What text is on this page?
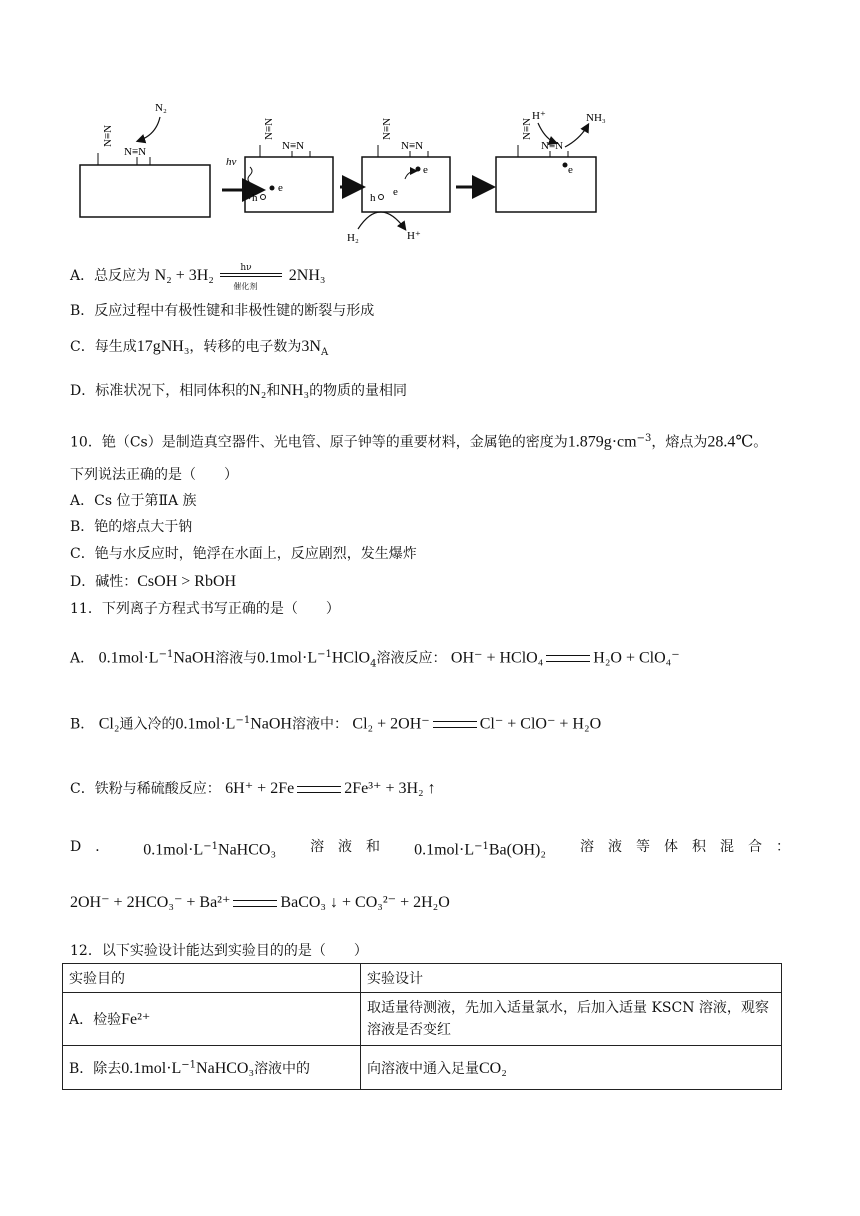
N≡N
N≡N
N₂
N≡N
N≡N
hν
e
h
N≡N
N≡N
e
h e
H₂	H⁺
N≡N
N≡N
e
H⁺	NH₃
A．总反应为 N₂ + 3H₂	hν
催化剂
2NH₃
B．反应过程中有极性键和非极性键的断裂与形成
C．每生成17gNH₃，转移的电子数为$3N_A$
D．标准状况下，相同体积的N₂和NH₃的物质的量相同
10．铯（Cs）是制造真空器件、光电管、原子钟等的重要材料，金属铯的密度为$1.879g\cdot cm^{-3}$，熔点为28.4℃。
下列说法正确的是（　　）
A．Cs 位于第ⅡA 族
B．铯的熔点大于钠
C．铯与水反应时，铯浮在水面上，反应剧烈，发生爆炸
D．碱性：CsOH > RbOH
11．下列离子方程式书写正确的是（　　）
A． $0.1mol\cdot L^{-1}NaOH$溶液与$0.1mol\cdot L^{-1}HClO_4$溶液反应： OH⁻ + HClO₄	H₂O + ClO₄⁻
B． Cl₂通入冷的$0.1mol\cdot L^{-1}NaOH$溶液中： Cl₂ + 2OH⁻	Cl⁻ + ClO⁻ + H₂O
C．铁粉与稀硫酸反应： 6H⁺ + 2Fe	2Fe³⁺ + 3H₂ ↑
D　． $0.1mol\cdot L^{-1}NaHCO_3$ 溶　液　和 $0.1mol\cdot L^{-1}Ba(OH)_2$ 溶　液　等　体　积　混　合　：
2OH⁻ + 2HCO₃⁻ + Ba²⁺	BaCO₃ ↓ + CO₃²⁻ + 2H₂O
12．以下实验设计能达到实验目的的是（　　）
实验目的	实验设计
A．检验Fe²⁺	取适量待测液，先加入适量氯水，后加入适量 KSCN 溶液，观察溶液是否变红
B．除去$0.1mol\cdot L^{-1}NaHCO_3$溶液中的	向溶液中通入足量CO₂
